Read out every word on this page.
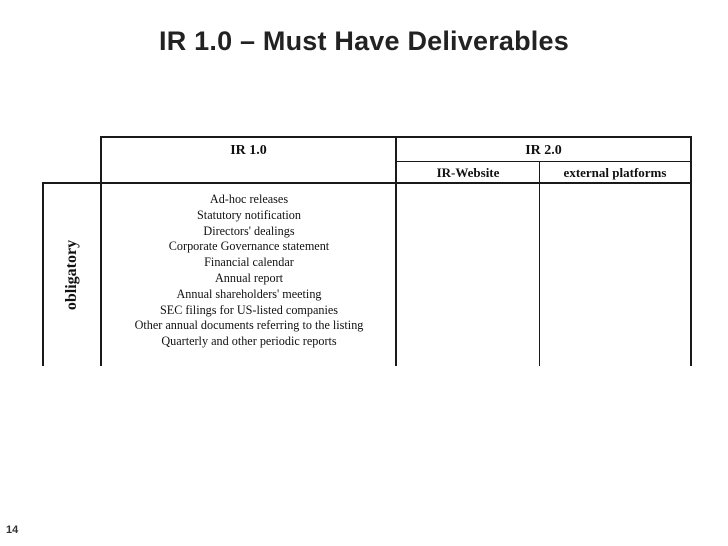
IR 1.0 – Must Have Deliverables
IR 1.0	IR 2.0
IR-Website	external platforms
obligatory
Ad-hoc releases
Statutory notification
Directors' dealings
Corporate Governance statement
Financial calendar
Annual report
Annual shareholders' meeting
SEC filings for US-listed companies
Other annual documents referring to the listing
Quarterly and other periodic reports
14
